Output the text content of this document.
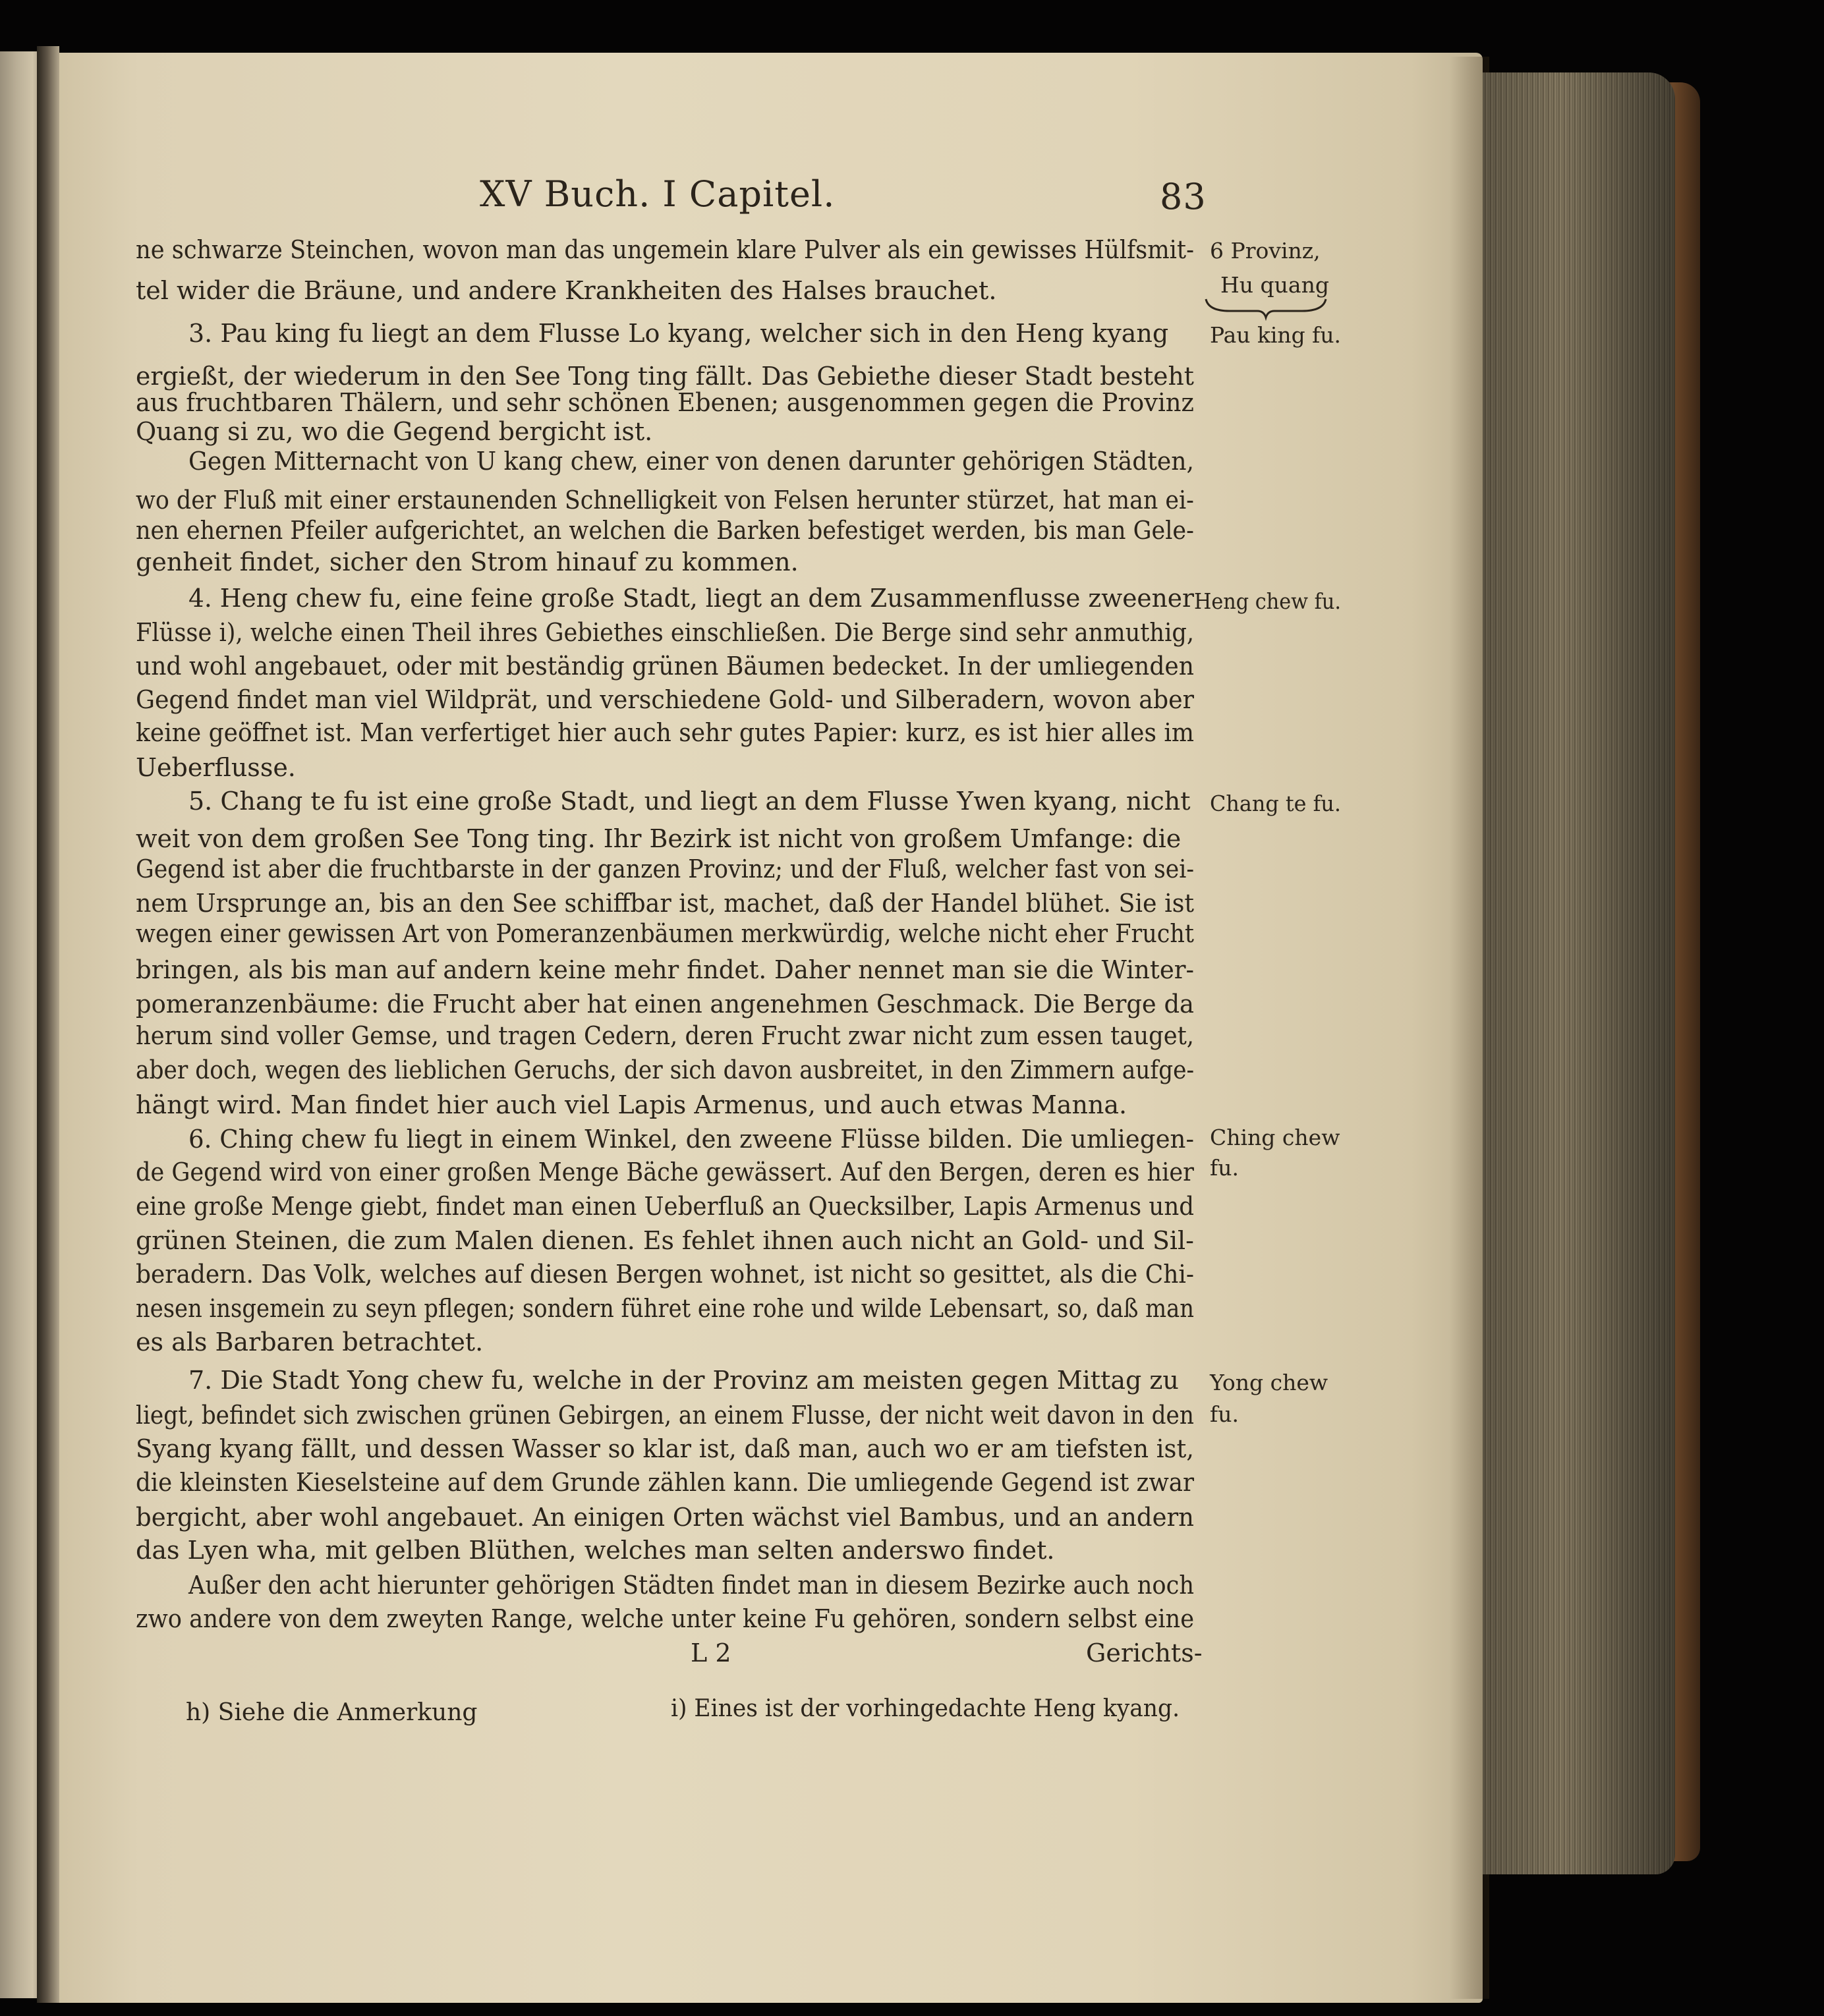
XV Buch. I Capitel.	83
ne schwarze Steinchen, wovon man das ungemein klare Pulver als ein gewisses Hülfsmit-
tel wider die Bräune, und andere Krankheiten des Halses brauchet.
3. Pau king fu liegt an dem Flusse Lo kyang, welcher sich in den Heng kyang
ergießt, der wiederum in den See Tong ting fällt. Das Gebiethe dieser Stadt besteht
aus fruchtbaren Thälern, und sehr schönen Ebenen; ausgenommen gegen die Provinz
Quang si zu, wo die Gegend bergicht ist.
Gegen Mitternacht von U kang chew, einer von denen darunter gehörigen Städten,
wo der Fluß mit einer erstaunenden Schnelligkeit von Felsen herunter stürzet, hat man ei-
nen ehernen Pfeiler aufgerichtet, an welchen die Barken befestiget werden, bis man Gele-
genheit findet, sicher den Strom hinauf zu kommen.
4. Heng chew fu, eine feine große Stadt, liegt an dem Zusammenflusse zweener
Flüsse i), welche einen Theil ihres Gebiethes einschließen. Die Berge sind sehr anmuthig,
und wohl angebauet, oder mit beständig grünen Bäumen bedecket. In der umliegenden
Gegend findet man viel Wildprät, und verschiedene Gold- und Silberadern, wovon aber
keine geöffnet ist. Man verfertiget hier auch sehr gutes Papier: kurz, es ist hier alles im
Ueberflusse.
5. Chang te fu ist eine große Stadt, und liegt an dem Flusse Ywen kyang, nicht
weit von dem großen See Tong ting. Ihr Bezirk ist nicht von großem Umfange: die
Gegend ist aber die fruchtbarste in der ganzen Provinz; und der Fluß, welcher fast von sei-
nem Ursprunge an, bis an den See schiffbar ist, machet, daß der Handel blühet. Sie ist
wegen einer gewissen Art von Pomeranzenbäumen merkwürdig, welche nicht eher Frucht
bringen, als bis man auf andern keine mehr findet. Daher nennet man sie die Winter-
pomeranzenbäume: die Frucht aber hat einen angenehmen Geschmack. Die Berge da
herum sind voller Gemse, und tragen Cedern, deren Frucht zwar nicht zum essen tauget,
aber doch, wegen des lieblichen Geruchs, der sich davon ausbreitet, in den Zimmern aufge-
hängt wird. Man findet hier auch viel Lapis Armenus, und auch etwas Manna.
6. Ching chew fu liegt in einem Winkel, den zweene Flüsse bilden. Die umliegen-
de Gegend wird von einer großen Menge Bäche gewässert. Auf den Bergen, deren es hier
eine große Menge giebt, findet man einen Ueberfluß an Quecksilber, Lapis Armenus und
grünen Steinen, die zum Malen dienen. Es fehlet ihnen auch nicht an Gold- und Sil-
beradern. Das Volk, welches auf diesen Bergen wohnet, ist nicht so gesittet, als die Chi-
nesen insgemein zu seyn pflegen; sondern führet eine rohe und wilde Lebensart, so, daß man
es als Barbaren betrachtet.
7. Die Stadt Yong chew fu, welche in der Provinz am meisten gegen Mittag zu
liegt, befindet sich zwischen grünen Gebirgen, an einem Flusse, der nicht weit davon in den
Syang kyang fällt, und dessen Wasser so klar ist, daß man, auch wo er am tiefsten ist,
die kleinsten Kieselsteine auf dem Grunde zählen kann. Die umliegende Gegend ist zwar
bergicht, aber wohl angebauet. An einigen Orten wächst viel Bambus, und an andern
das Lyen wha, mit gelben Blüthen, welches man selten anderswo findet.
Außer den acht hierunter gehörigen Städten findet man in diesem Bezirke auch noch
zwo andere von dem zweyten Range, welche unter keine Fu gehören, sondern selbst eine
L 2	Gerichts-
6 Provinz,
Hu quang
Pau king fu.
Heng chew fu.
Chang te fu.
Ching chew
fu.
Yong chew
fu.
h) Siehe die Anmerkung	i) Eines ist der vorhingedachte Heng kyang.
